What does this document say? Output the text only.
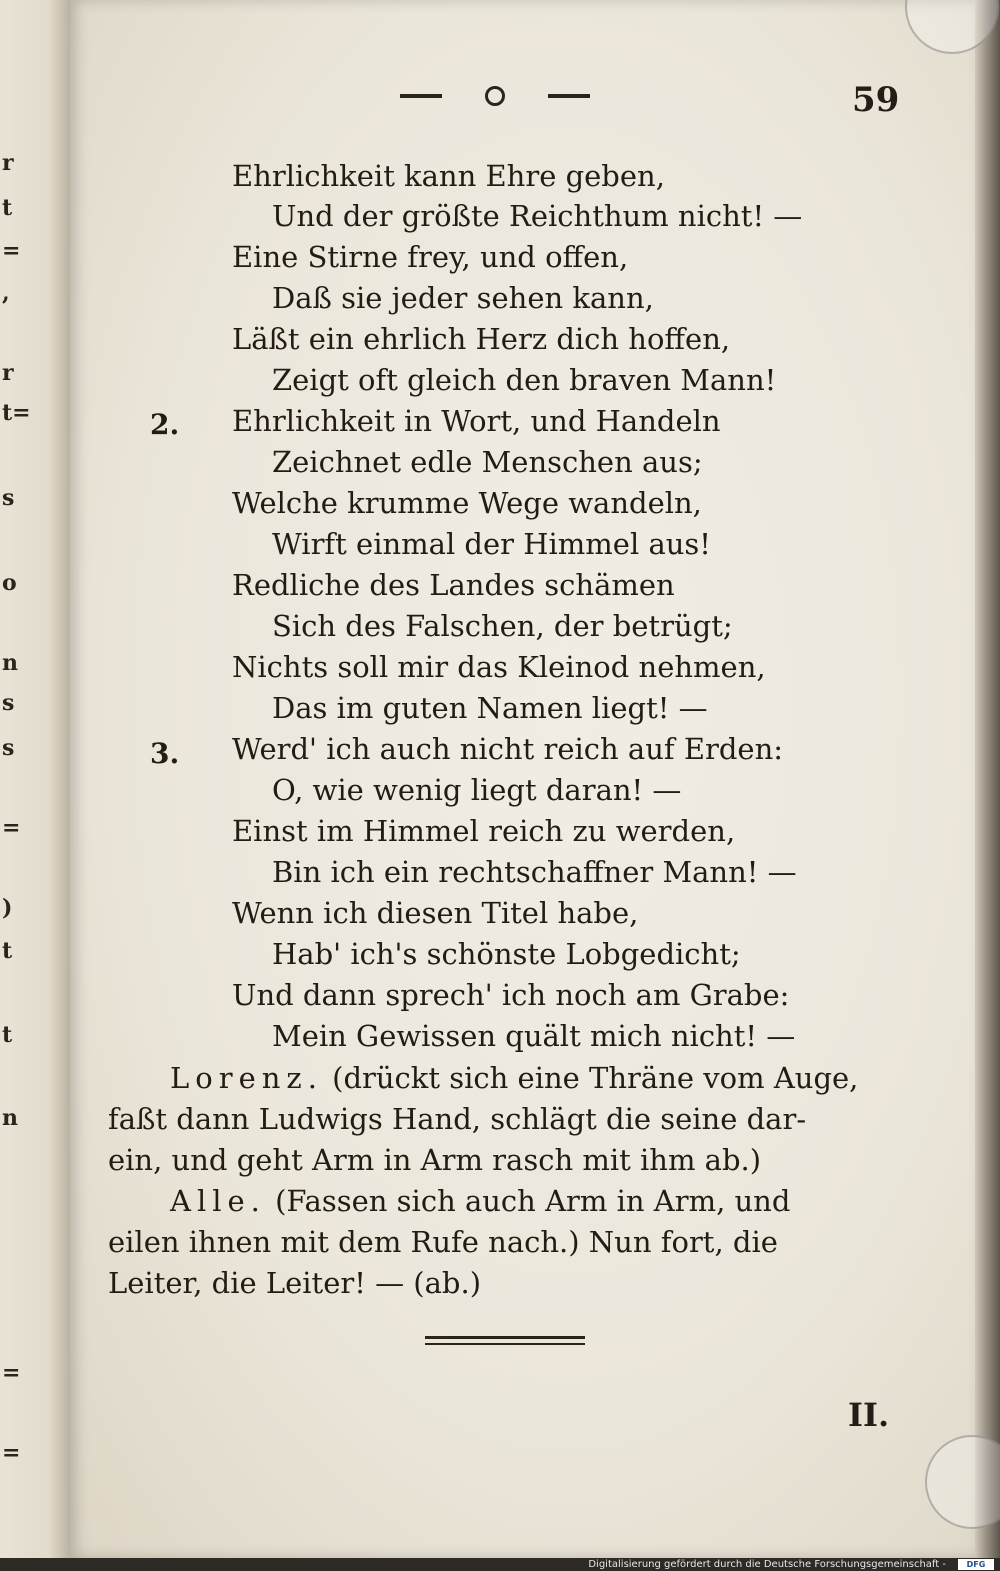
r
t
=
,
r
t=
s
o
n
s
s
=
)
t
t
n
=
=
59
Ehrlichkeit kann Ehre geben,
Und der größte Reichthum nicht! —
Eine Stirne frey, und offen,
Daß sie jeder sehen kann,
Läßt ein ehrlich Herz dich hoffen,
Zeigt oft gleich den braven Mann!
2. Ehrlichkeit in Wort, und Handeln
Zeichnet edle Menschen aus;
Welche krumme Wege wandeln,
Wirft einmal der Himmel aus!
Redliche des Landes schämen
Sich des Falschen, der betrügt;
Nichts soll mir das Kleinod nehmen,
Das im guten Namen liegt! —
3. Werd' ich auch nicht reich auf Erden:
O, wie wenig liegt daran! —
Einst im Himmel reich zu werden,
Bin ich ein rechtschaffner Mann! —
Wenn ich diesen Titel habe,
Hab' ich's schönste Lobgedicht;
Und dann sprech' ich noch am Grabe:
Mein Gewissen quält mich nicht! —
Lorenz. (drückt sich eine Thräne vom Auge,
faßt dann Ludwigs Hand, schlägt die seine dar-
ein, und geht Arm in Arm rasch mit ihm ab.)
Alle. (Fassen sich auch Arm in Arm, und
eilen ihnen mit dem Rufe nach.) Nun fort, die
Leiter, die Leiter! — (ab.)
II.
Digitalisierung gefördert durch die Deutsche Forschungsgemeinschaft -	DFG
